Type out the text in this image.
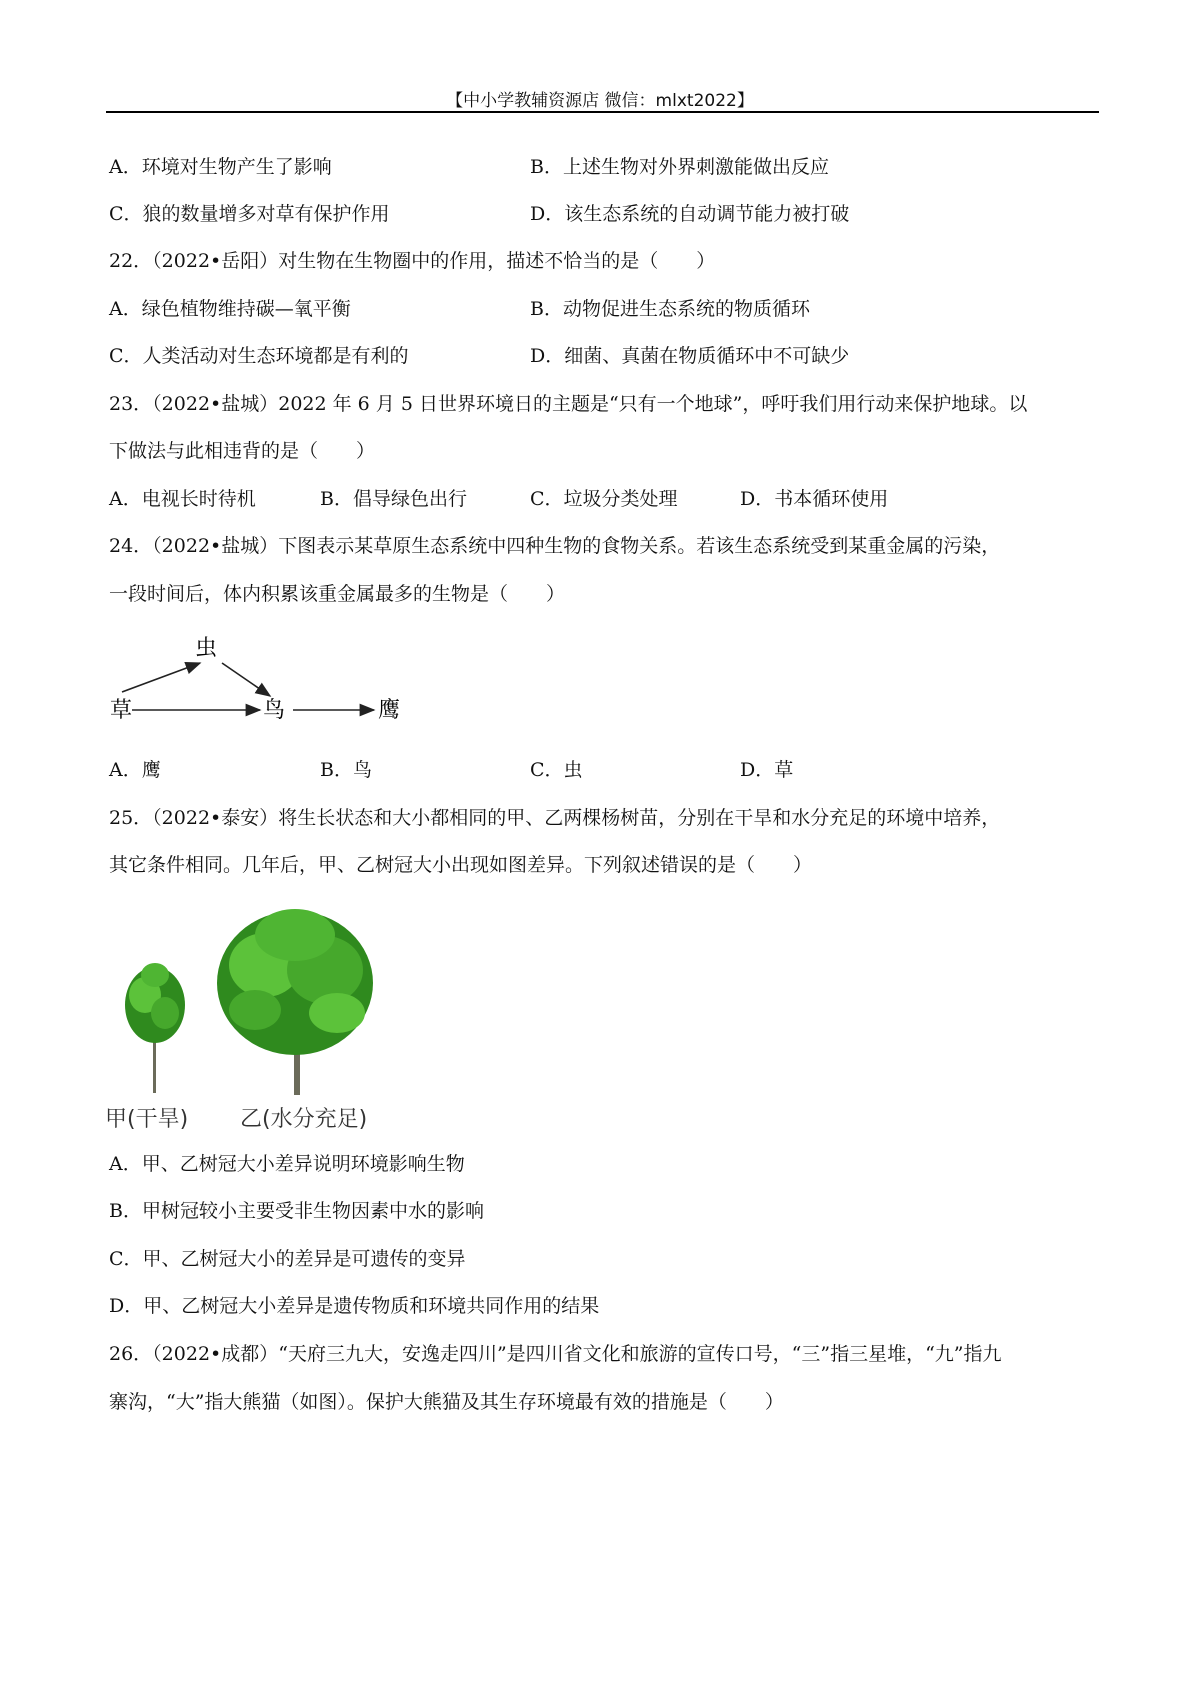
【中小学教辅资源店 微信：mlxt2022】
A．环境对生物产生了影响	B．上述生物对外界刺激能做出反应
C．狼的数量增多对草有保护作用	D．该生态系统的自动调节能力被打破
22．（2022•岳阳）对生物在生物圈中的作用，描述不恰当的是（　　）
A．绿色植物维持碳—氧平衡	B．动物促进生态系统的物质循环
C．人类活动对生态环境都是有利的	D．细菌、真菌在物质循环中不可缺少
23．（2022•盐城）2022 年 6 月 5 日世界环境日的主题是“只有一个地球”，呼吁我们用行动来保护地球。以
下做法与此相违背的是（　　）
A．电视长时待机	B．倡导绿色出行	C．垃圾分类处理	D．书本循环使用
24．（2022•盐城）下图表示某草原生态系统中四种生物的食物关系。若该生态系统受到某重金属的污染，
一段时间后，体内积累该重金属最多的生物是（　　）
草
虫
鸟	鹰
A．鹰	B．鸟	C．虫	D．草
25．（2022•泰安）将生长状态和大小都相同的甲、乙两棵杨树苗，分别在干旱和水分充足的环境中培养，
其它条件相同。几年后，甲、乙树冠大小出现如图差异。下列叙述错误的是（　　）
甲(干旱) 乙(水分充足)
A．甲、乙树冠大小差异说明环境影响生物
B．甲树冠较小主要受非生物因素中水的影响
C．甲、乙树冠大小的差异是可遗传的变异
D．甲、乙树冠大小差异是遗传物质和环境共同作用的结果
26．（2022•成都）“天府三九大，安逸走四川”是四川省文化和旅游的宣传口号，“三”指三星堆，“九”指九
寨沟，“大”指大熊猫（如图）。保护大熊猫及其生存环境最有效的措施是（　　）
